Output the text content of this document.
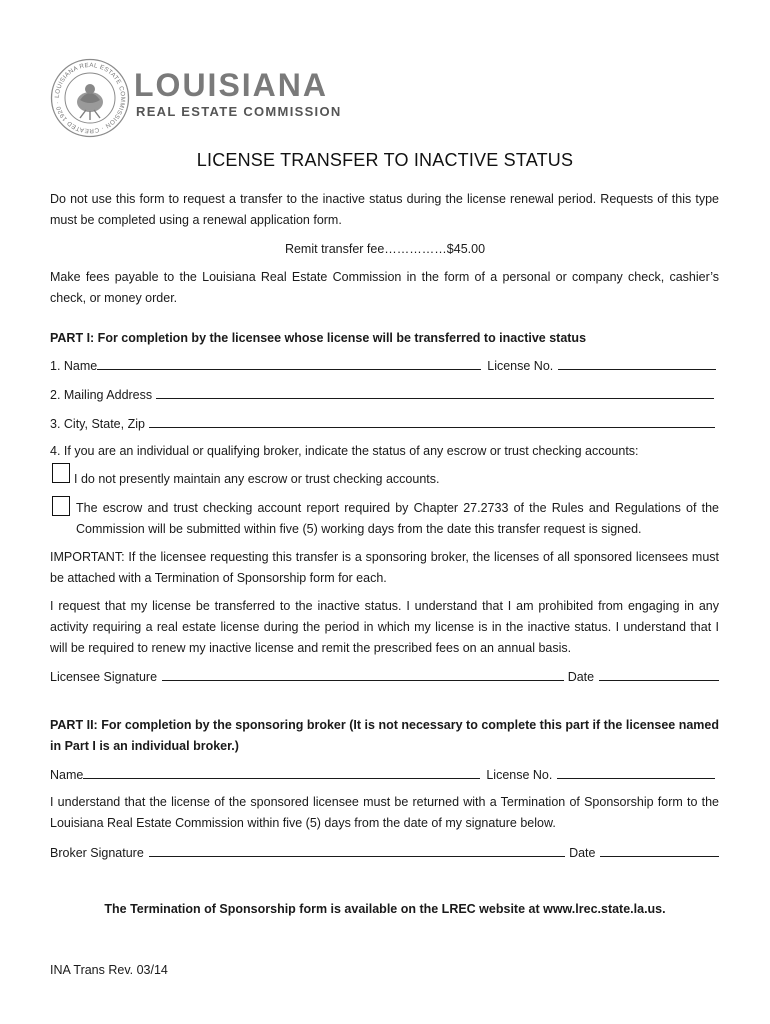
LOUISIANA REAL ESTATE COMMISSION · CREATED 1920 ·	LOUISIANA
REAL ESTATE COMMISSION
LICENSE TRANSFER TO INACTIVE STATUS
Do not use this form to request a transfer to the inactive status during the license renewal period. Requests of this type must be completed using a renewal application form.
Remit transfer fee……………$45.00
Make fees payable to the Louisiana Real Estate Commission in the form of a personal or company check, cashier’s check, or money order.
PART I: For completion by the licensee whose license will be transferred to inactive status
1. Name	License No.
2. Mailing Address
3. City, State, Zip
4. If you are an individual or qualifying broker, indicate the status of any escrow or trust checking accounts:
I do not presently maintain any escrow or trust checking accounts.
The escrow and trust checking account report required by Chapter 27.2733 of the Rules and Regulations of the Commission will be submitted within five (5) working days from the date this transfer request is signed.
IMPORTANT: If the licensee requesting this transfer is a sponsoring broker, the licenses of all sponsored licensees must be attached with a Termination of Sponsorship form for each.
I request that my license be transferred to the inactive status. I understand that I am prohibited from engaging in any activity requiring a real estate license during the period in which my license is in the inactive status. I understand that I will be required to renew my inactive license and remit the prescribed fees on an annual basis.
Licensee Signature	Date
PART II: For completion by the sponsoring broker (It is not necessary to complete this part if the licensee named in Part I is an individual broker.)
Name	License No.
I understand that the license of the sponsored licensee must be returned with a Termination of Sponsorship form to the Louisiana Real Estate Commission within five (5) days from the date of my signature below.
Broker Signature	Date
The Termination of Sponsorship form is available on the LREC website at www.lrec.state.la.us.
INA Trans Rev. 03/14
